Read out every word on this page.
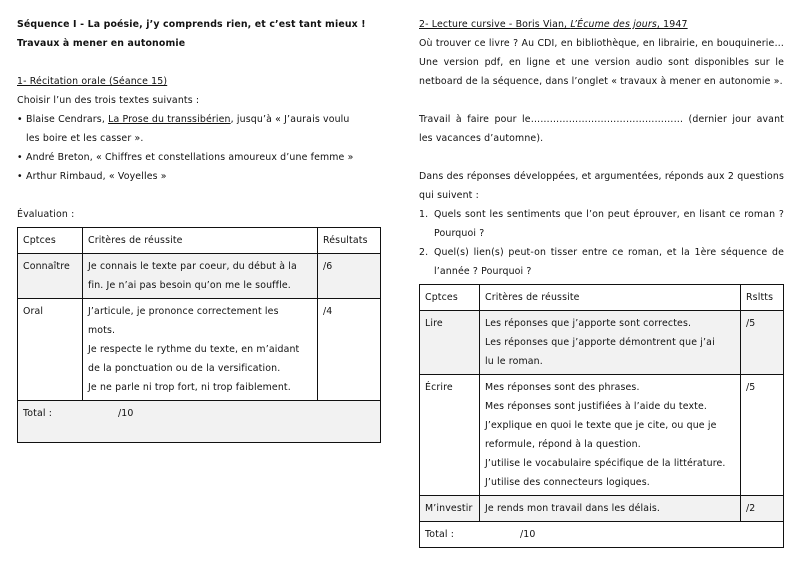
Séquence I - La poésie, j’y comprends rien, et c’est tant mieux !
Travaux à mener en autonomie
1- Récitation orale (Séance 15)
Choisir l’un des trois textes suivants :
• Blaise Cendrars, La Prose du transsibérien, jusqu’à « J’aurais voulu
les boire et les casser ».
• André Breton, « Chiffres et constellations amoureux d’une femme »
• Arthur Rimbaud, « Voyelles »
Évaluation :
Cptces	Critères de réussite	Résultats
Connaître	Je connais le texte par coeur, du début à la
fin. Je n’ai pas besoin qu’on me le souffle.	/6
Oral	J’articule, je prononce correctement les
mots.
Je respecte le rythme du texte, en m’aidant
de la ponctuation ou de la versification.
Je ne parle ni trop fort, ni trop faiblement.	/4
Total : /10		
2- Lecture cursive - Boris Vian, L’Écume des jours, 1947

Où trouver ce livre ? Au CDI, en bibliothèque, en librairie, en bouquinerie… Une version pdf, en ligne et une version audio sont disponibles sur le netboard de la séquence, dans l’onglet « travaux à mener en autonomie ».

Travail à faire pour le………………………………………… (dernier jour avant les vacances d’automne).

Dans des réponses développées, et argumentées, réponds aux 2 questions qui suivent :

1. Quels sont les sentiments que l’on peut éprouver, en lisant ce roman ? Pourquoi ?
2. Quel(s) lien(s) peut-on tisser entre ce roman, et la 1ère séquence de l’année ? Pourquoi ?
Cptces	Critères de réussite	Rsltts
Lire	Les réponses que j’apporte sont correctes.
Les réponses que j’apporte démontrent que j’ai
lu le roman.	/5
Écrire	Mes réponses sont des phrases.
Mes réponses sont justifiées à l’aide du texte.
J’explique en quoi le texte que je cite, ou que je
reformule, répond à la question.
J’utilise le vocabulaire spécifique de la littérature.
J’utilise des connecteurs logiques.
	/5
M’investir	Je rends mon travail dans les délais.	/2
Total : /10		
